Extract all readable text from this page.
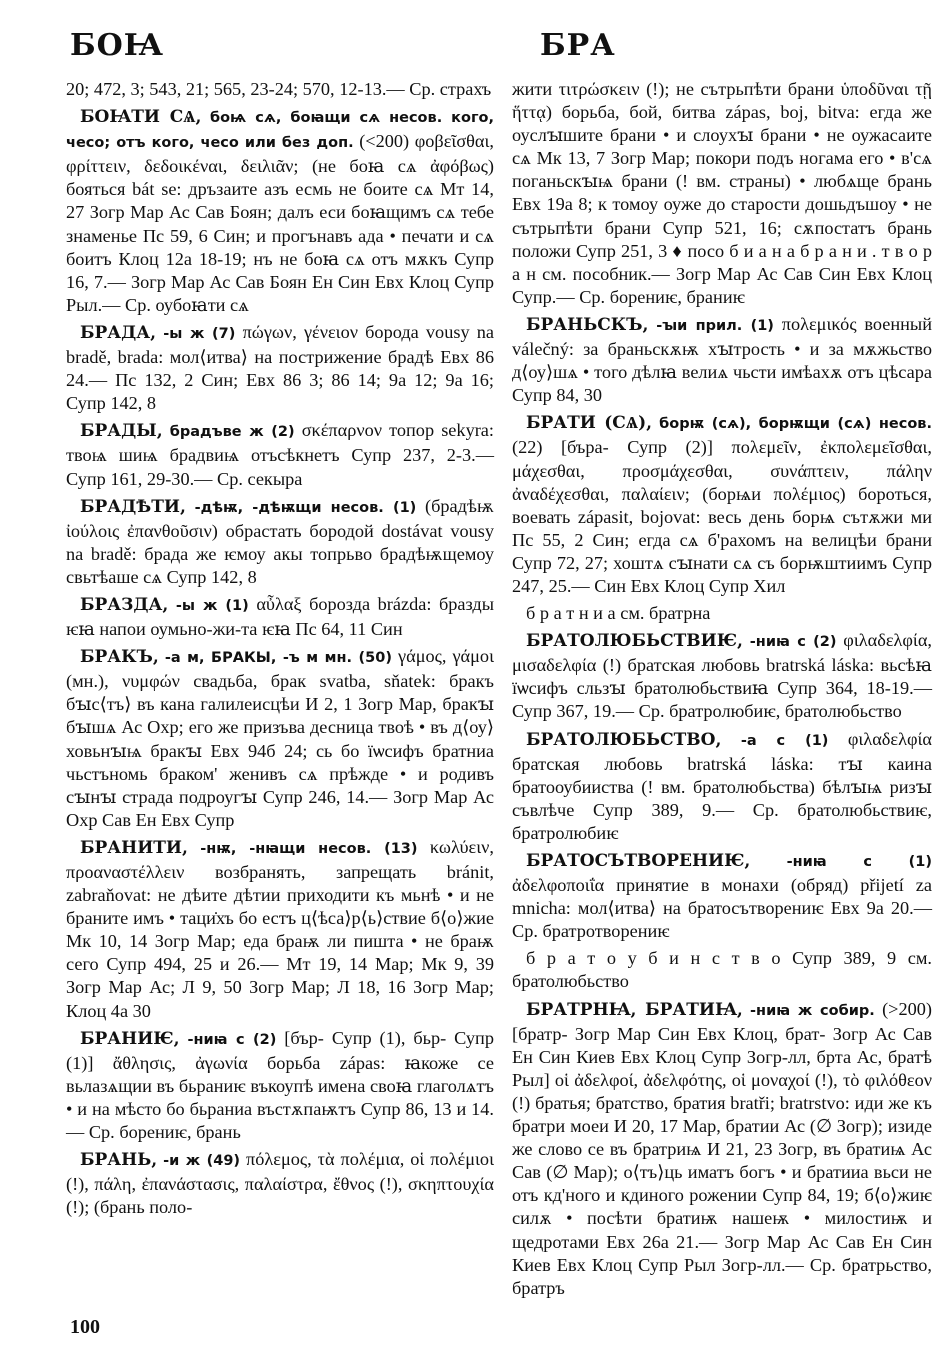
БОꙖ	БРА

20; 472, 3; 543, 21; 565, 23-24; 570, 12-13.— Ср. страхъ

БОꙖТИ СѦ, боѩ сѧ, боꙗщи сѧ несов. кого, чесо; отъ кого, чесо или без доп. (<200) φοβεῖσθαι, φρίττειν, δεδοικέναι, δειλιᾶν; (не боꙗ сѧ ἀφόβως) бояться bát se: дръзаите азъ есмь не боите сѧ Мт 14, 27 Зогр Мар Ас Сав Боян; далъ еси боꙗщимъ сѧ тебе знаменье Пс 59, 6 Син; и прогънавъ ада • печати и сѧ боитъ Клоц 12a 18-19; нъ не боꙗ сѧ отъ мѫкъ Супр 16, 7.— Зогр Мар Ас Сав Боян Ен Син Евх Клоц Супр Рыл.— Ср. оубоꙗти сѧ

БРАДА, -ы ж (7) πώγων, γένειον борода vousy na bradě, brada: мол⟨итва⟩ на пострижениe брадѣ Евх 86 24.— Пс 132, 2 Син; Евх 86 3; 86 14; 9a 12; 9a 16; Супр 142, 8

БРАДЫ, брадъве ж (2) σκέπαρνον топор sekyra: твоѩ шиѩ брадвиѩ отъсѣкнетъ Супр 237, 2-3.— Супр 161, 29-30.— Ср. секыра

БРАДѢТИ, -дѣѭ, -дѣѭщи несов. (1) (брадѣѭ ἰούλοις ἐπανθοῦσιν) обрастать бородой dostávat vousy na bradě: брада же ѥмоу акы топрьво брадѣѭщемоу свьтѣаше сѧ Супр 142, 8

БРАЗДА, -ы ж (1) αὖλαξ борозда brázda: бразды ѥꙗ напои оумьно-жи-та ѥꙗ Пс 64, 11 Син

БРАКЪ, -а м, БРАКЫ, -ъ м мн. (50) γάμος, γάμοι (мн.), νυμφών свадьба, брак svatba, sňatek: бракъ бꙑс⟨тъ⟩ въ кана галилеисцѣи И 2, 1 Зогр Мар, бракꙑ бꙑшѧ Ас Охр; его же призъва десница твоѣ • въ д⟨оу⟩ховьнꙑѩ бракꙑ Евх 94б 24; сь бо їѡсифъ братниа чьстъномь браком' женивъ сѧ прѣжде • и родивъ сꙑнꙑ страда подроугꙑ Супр 246, 14.— Зогр Мар Ас Охр Сав Ен Евх Супр

БРАНИТИ, -нѭ, -нꙗщи несов. (13) κωλύειν, προαναστέλλειν возбранять, запрещать bránit, zabraňovat: не дѣите дѣтии приходити къ мьнѣ • и не браните имъ • таци̇хъ бо естъ ц⟨ѣса⟩р⟨ь⟩ствие б⟨о⟩жие Мк 10, 14 Зогр Мар; еда браѭ ли пишта • не браѭ сего Супр 494, 25 и 26.— Мт 19, 14 Мар; Мк 9, 39 Зогр Мар Ас; Л 9, 50 Зогр Мар; Л 18, 16 Зогр Мар; Клоц 4a 30

БРАНИѤ, -ниꙗ с (2) [бър- Супр (1), бьр- Супр (1)] ἄθλησις, ἀγωνία борьба zápas: ꙗкоже се вьлазѧщии въ бьраниѥ въкоупѣ имена своꙗ глаголѧтъ • и на мѣсто бо бьраниа въстѫпаѭтъ Супр 86, 13 и 14.— Ср. борениѥ, брань

БРАНЬ, -и ж (49) πόλεμος, τὰ πολέμια, οἱ πολέμιοι (!), πάλη, ἐπανάστασις, παλαίστρα, ἔθνος (!), σκηπτουχία (!); (брань поло-

жити τιτρώσκειν (!); не сътрьпѣти брани ὑποδῦναι τῇ ἥττᾳ) борьба, бой, битва zápas, boj, bitva: егда же оуслꙑшите брани • и слоухꙑ брани • не оужасаите сѧ Мк 13, 7 Зогр Мар; покори подъ ногама его • в'сѧ поганьскꙑѩ брани (! вм. страны) • любѧще брань Евх 19a 8; к томоу оуже до старости дошьдъшоу • не сътрьпѣти брани Супр 521, 16; сѫпостатъ брань положи Супр 251, 3 ♦ посо б и а н а б р а н и . т в о р а н см. пособник.— Зогр Мар Ас Сав Син Евх Клоц Супр.— Ср. борениѥ, браниѥ

БРАНЬСКЪ, -ꙑи прил. (1) πολεμικός военный válečný: за браньскѫѭ хꙑтрость • и за мѫжьство д⟨оу⟩шѧ • того дѣлꙗ велиѧ чьсти имѣахѫ отъ цѣсара Супр 84, 30

БРАТИ (СѦ), борѭ (сѧ), борѭщи (сѧ) несов. (22) [бъра- Супр (2)] πολεμεῖν, ἐκπολεμεῖσθαι, μάχεσθαι, προσμάχεσθαι, συνάπτειν, πάλην ἀναδέχεσθαι, παλαίειν; (борѩи πολέμιος) бороться, воевать zápasit, bojovat: весь день борѩ сътѫжи ми Пс 55, 2 Син; егда сѧ б'рахомъ на велицѣи брани Супр 72, 27; хоштѧ сꙑнати сѧ съ борѭштиимъ Супр 247, 25.— Син Евх Клоц Супр Хил

б р а т н и а см. братрна

БРАТОЛЮБЬСТВИѤ, -ниꙗ с (2) φιλαδελφία, μισαδελφία (!) братская любовь bratrská láska: вьсѣꙗ їѡсифъ сльзꙑ братолюбьствиꙗ Супр 364, 18-19.— Супр 367, 19.— Ср. братролюбиѥ, братолюбьство

БРАТОЛЮБЬСТВО, -а с (1) φιλαδελφία братская любовь bratrská láska: тꙑ каина братооубииства (! вм. братолюбьства) бѣлꙑѩ ризꙑ съвлѣче Супр 389, 9.— Ср. братолюбьствиѥ, братролюбиѥ

БРАТОСЪТВОРЕНИѤ, -ниꙗ с (1) ἀδελφοποιΐα принятие в монахи (обряд) přijetí za mnicha: мол⟨итва⟩ на братосътворениѥ Евх 9a 20.— Ср. братротворениѥ

б р а т о у б и н с т в о Супр 389, 9 см. братолюбьство

БРАТРНꙖ, БРАТИꙖ, -ниꙗ ж собир. (>200) [братр- Зогр Мар Син Евх Клоц, брат- Зогр Ас Сав Ен Син Киев Евх Клоц Супр Зогр-лл, брта Ас, братѣ Рыл] οἱ ἀδελφοί, ἀδελφότης, οἱ μοναχοί (!), τὸ φιλόθεον (!) братья; братство, братия bratři; bratrstvo: иди же къ братри моеи И 20, 17 Мар, братии Ас (∅ Зогр); изиде же слово се въ братриѩ И 21, 23 Зогр, въ братиѩ Ас Сав (∅ Мар); о⟨тъ⟩ць иматъ богъ • и братииа вьси не отъ кд'ного и кдиного рожении Супр 84, 19; б⟨о⟩жиѥ силѫ • посѣти братиѭ нашеѭ • милостиѭ и щедротами Евх 26a 21.— Зогр Мар Ас Сав Ен Син Киев Евх Клоц Супр Рыл Зогр-лл.— Ср. братрьство, братръ

100
